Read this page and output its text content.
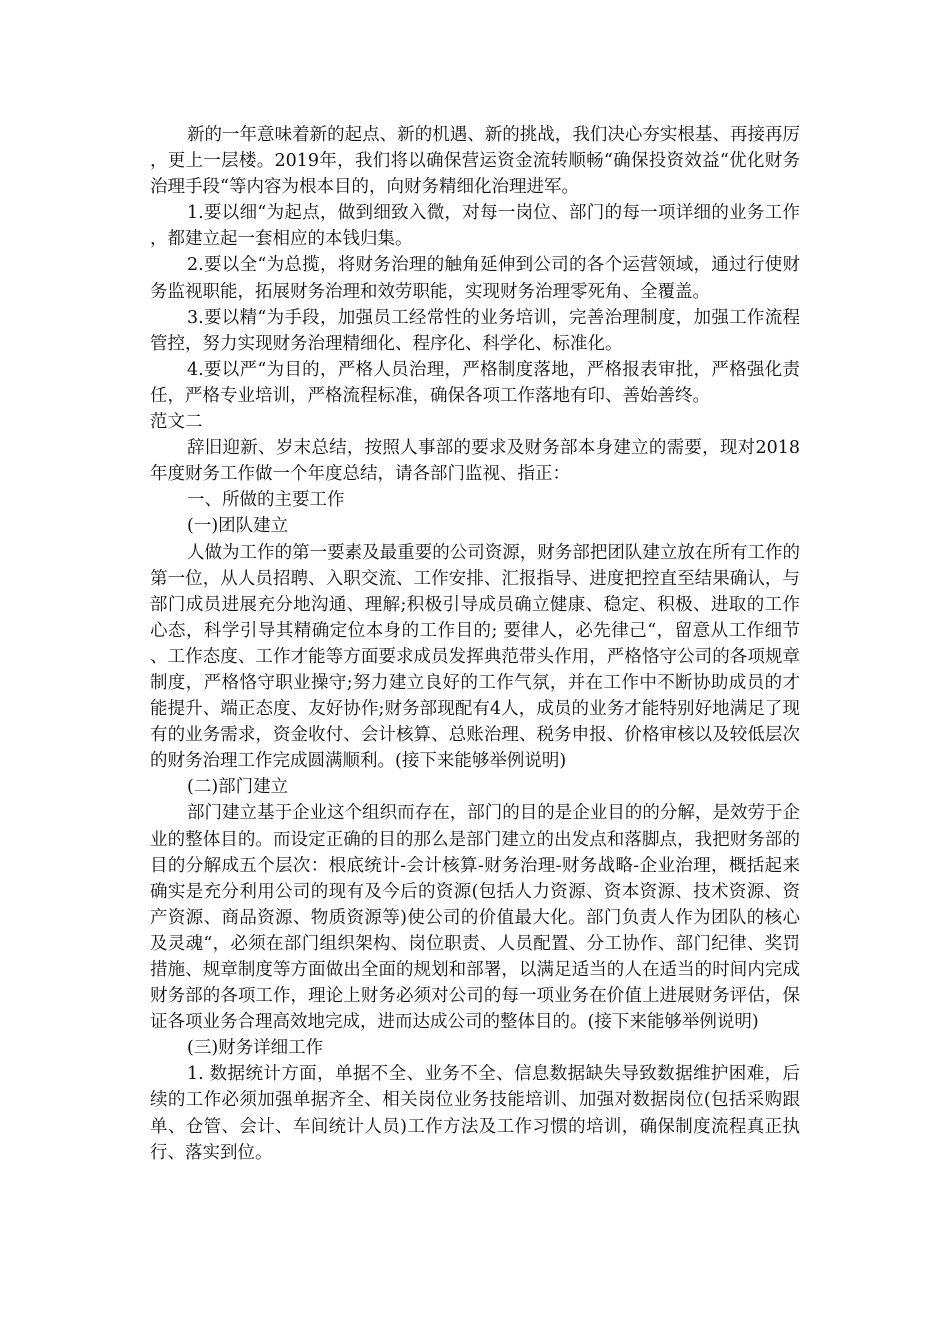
新的一年意味着新的起点、新的机遇、新的挑战，我们决心夯实根基、再接再厉，更上一层楼。2019年，我们将以确保营运资金流转顺畅“确保投资效益“优化财务治理手段“等内容为根本目的，向财务精细化治理进军。

1.要以细“为起点，做到细致入微，对每一岗位、部门的每一项详细的业务工作，都建立起一套相应的本钱归集。

2.要以全“为总揽，将财务治理的触角延伸到公司的各个运营领域，通过行使财务监视职能，拓展财务治理和效劳职能，实现财务治理零死角、全覆盖。

3.要以精“为手段，加强员工经常性的业务培训，完善治理制度，加强工作流程管控，努力实现财务治理精细化、程序化、科学化、标准化。

4.要以严“为目的，严格人员治理，严格制度落地，严格报表审批，严格强化责任，严格专业培训，严格流程标准，确保各项工作落地有印、善始善终。

范文二

辞旧迎新、岁末总结，按照人事部的要求及财务部本身建立的需要，现对2018年度财务工作做一个年度总结，请各部门监视、指正：

一、所做的主要工作

(一)团队建立

人做为工作的第一要素及最重要的公司资源，财务部把团队建立放在所有工作的第一位，从人员招聘、入职交流、工作安排、汇报指导、进度把控直至结果确认，与部门成员进展充分地沟通、理解;积极引导成员确立健康、稳定、积极、进取的工作心态，科学引导其精确定位本身的工作目的; 要律人，必先律己“，留意从工作细节、工作态度、工作才能等方面要求成员发挥典范带头作用，严格恪守公司的各项规章制度，严格恪守职业操守;努力建立良好的工作气氛，并在工作中不断协助成员的才能提升、端正态度、友好协作;财务部现配有4人，成员的业务才能特别好地满足了现有的业务需求，资金收付、会计核算、总账治理、税务申报、价格审核以及较低层次的财务治理工作完成圆满顺利。(接下来能够举例说明)

(二)部门建立

部门建立基于企业这个组织而存在，部门的目的是企业目的的分解，是效劳于企业的整体目的。而设定正确的目的那么是部门建立的出发点和落脚点，我把财务部的目的分解成五个层次：根底统计-会计核算-财务治理-财务战略-企业治理，概括起来确实是充分利用公司的现有及今后的资源(包括人力资源、资本资源、技术资源、资产资源、商品资源、物质资源等)使公司的价值最大化。部门负责人作为团队的核心及灵魂“，必须在部门组织架构、岗位职责、人员配置、分工协作、部门纪律、奖罚措施、规章制度等方面做出全面的规划和部署，以满足适当的人在适当的时间内完成财务部的各项工作，理论上财务必须对公司的每一项业务在价值上进展财务评估，保证各项业务合理高效地完成，进而达成公司的整体目的。(接下来能够举例说明)

(三)财务详细工作

1. 数据统计方面，单据不全、业务不全、信息数据缺失导致数据维护困难，后续的工作必须加强单据齐全、相关岗位业务技能培训、加强对数据岗位(包括采购跟单、仓管、会计、车间统计人员)工作方法及工作习惯的培训，确保制度流程真正执行、落实到位。
